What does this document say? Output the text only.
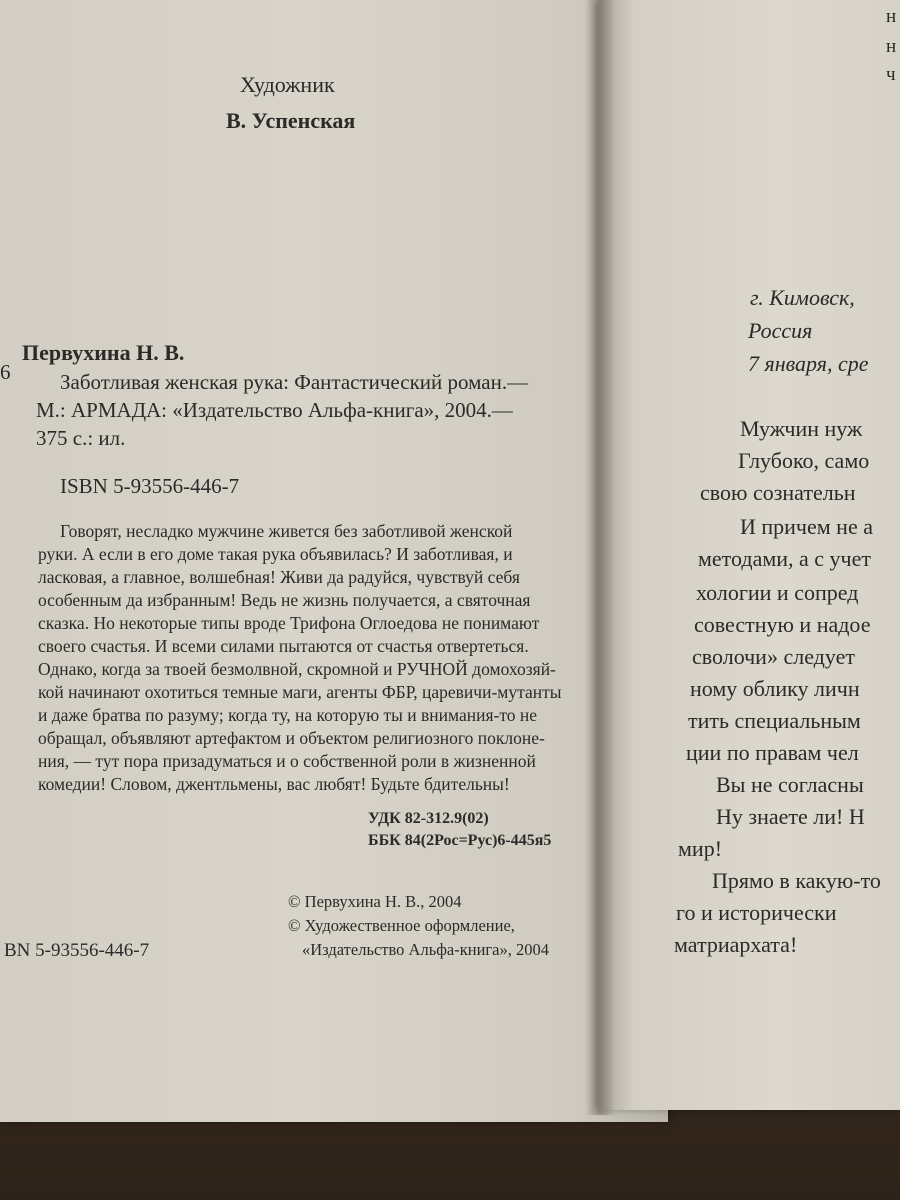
Художник
В. Успенская
6
Первухина Н. В.
Заботливая женская рука: Фантастический роман.—
М.: АРМАДА: «Издательство Альфа-книга», 2004.—
375 с.: ил.
ISBN 5-93556-446-7
Говорят, несладко мужчине живется без заботливой женской
руки. А если в его доме такая рука объявилась? И заботливая, и
ласковая, а главное, волшебная! Живи да радуйся, чувствуй себя
особенным да избранным! Ведь не жизнь получается, а святочная
сказка. Но некоторые типы вроде Трифона Оглоедова не понимают
своего счастья. И всеми силами пытаются от счастья отвертеться.
Однако, когда за твоей безмолвной, скромной и РУЧНОЙ домохозяй-
кой начинают охотиться темные маги, агенты ФБР, царевичи-мутанты
и даже братва по разуму; когда ту, на которую ты и внимания-то не
обращал, объявляют артефактом и объектом религиозного поклоне-
ния, — тут пора призадуматься и о собственной роли в жизненной
комедии! Словом, джентльмены, вас любят! Будьте бдительны!
УДК 82-312.9(02)
ББК 84(2Рос=Рус)6-445я5
© Первухина Н. В., 2004
© Художественное оформление,
«Издательство Альфа-книга», 2004
BN 5-93556-446-7
н
н
ч
г. Кимовск,
Россия
7 января, сре
Мужчин нуж
Глубоко, само
свою сознательн
И причем не а
методами, а с учет
хологии и сопред
совестную и надое
сволочи» следует
ному облику личн
тить специальным
ции по правам чел
Вы не согласны
Ну знаете ли! Н
мир!
Прямо в какую-то
го и исторически
матриархата!
